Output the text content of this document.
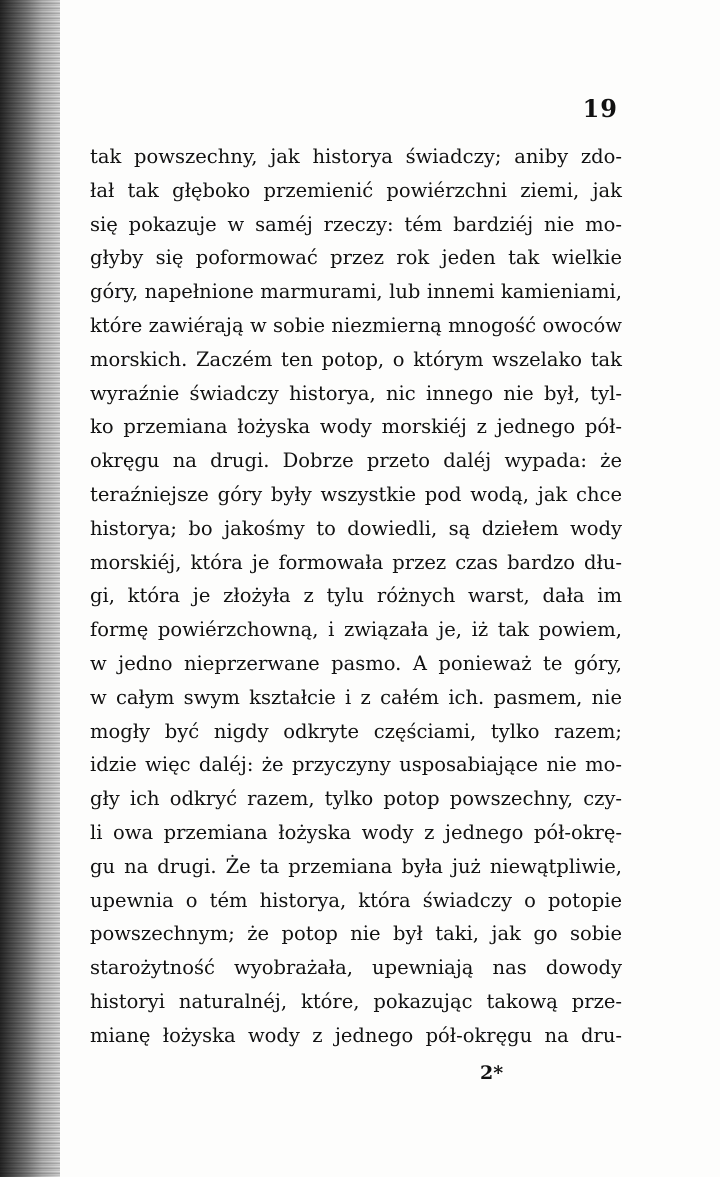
19
tak powszechny, jak historya świadczy; aniby zdo-
łał tak głęboko przemienić powiérzchni ziemi, jak
się pokazuje w saméj rzeczy: tém bardziéj nie mo-
głyby się poformować przez rok jeden tak wielkie
góry, napełnione marmurami, lub innemi kamieniami,
które zawiérają w sobie niezmierną mnogość owoców
morskich. Zaczém ten potop, o którym wszelako tak
wyraźnie świadczy historya, nic innego nie był, tyl-
ko przemiana łożyska wody morskiéj z jednego pół-
okręgu na drugi. Dobrze przeto daléj wypada: że
teraźniejsze góry były wszystkie pod wodą, jak chce
historya; bo jakośmy to dowiedli, są dziełem wody
morskiéj, która je formowała przez czas bardzo dłu-
gi, która je złożyła z tylu różnych warst, dała im
formę powiérzchowną, i związała je, iż tak powiem,
w jedno nieprzerwane pasmo. A ponieważ te góry,
w całym swym kształcie i z całém ich. pasmem, nie
mogły być nigdy odkryte częściami, tylko razem;
idzie więc daléj: że przyczyny usposabiające nie mo-
gły ich odkryć razem, tylko potop powszechny, czy-
li owa przemiana łożyska wody z jednego pół-okrę-
gu na drugi. Że ta przemiana była już niewątpliwie,
upewnia o tém historya, która świadczy o potopie
powszechnym; że potop nie był taki, jak go sobie
starożytność wyobrażała, upewniają nas dowody
historyi naturalnéj, które, pokazując takową prze-
mianę łożyska wody z jednego pół-okręgu na dru-
2*
